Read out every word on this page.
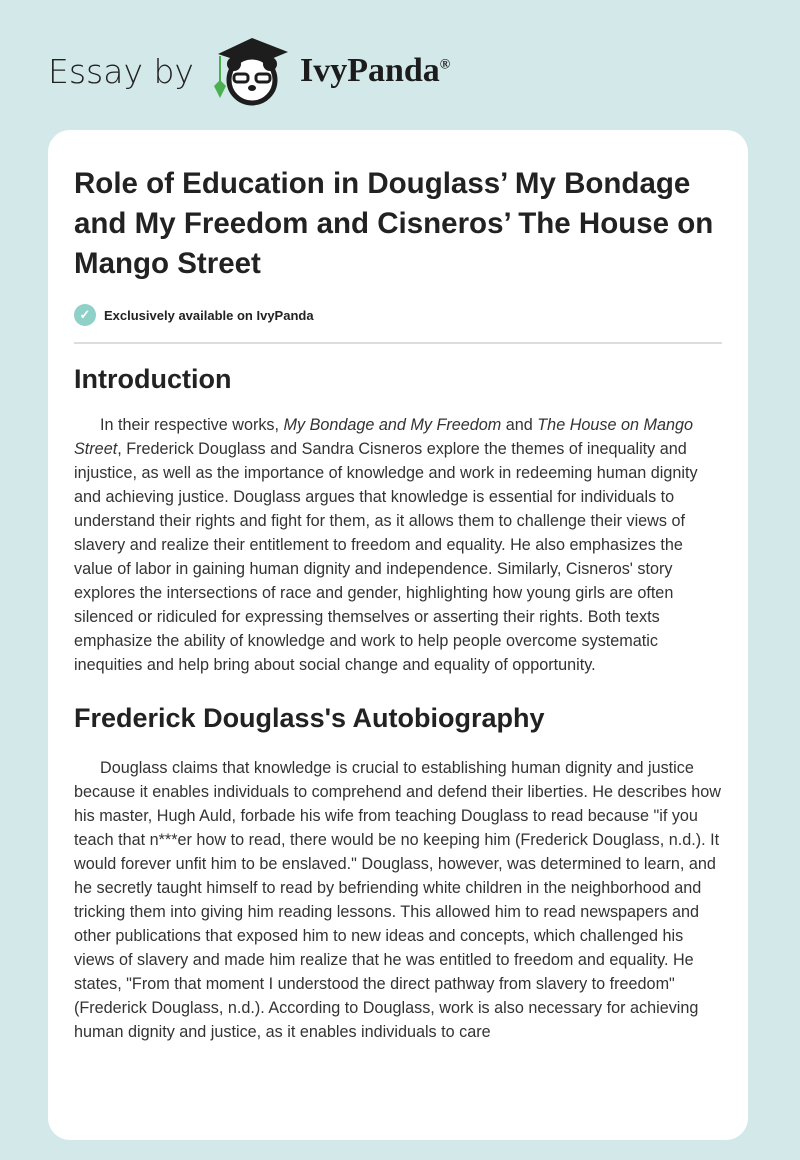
Essay by	IvyPanda®
Role of Education in Douglass’ My Bondage and My Freedom and Cisneros’ The House on Mango Street
✓	Exclusively available on IvyPanda
Introduction

In their respective works, My Bondage and My Freedom and The House on Mango Street, Frederick Douglass and Sandra Cisneros explore the themes of inequality and injustice, as well as the importance of knowledge and work in redeeming human dignity and achieving justice. Douglass argues that knowledge is essential for individuals to understand their rights and fight for them, as it allows them to challenge their views of slavery and realize their entitlement to freedom and equality. He also emphasizes the value of labor in gaining human dignity and independence. Similarly, Cisneros' story explores the intersections of race and gender, highlighting how young girls are often silenced or ridiculed for expressing themselves or asserting their rights. Both texts emphasize the ability of knowledge and work to help people overcome systematic inequities and help bring about social change and equality of opportunity.

Frederick Douglass's Autobiography

Douglass claims that knowledge is crucial to establishing human dignity and justice because it enables individuals to comprehend and defend their liberties. He describes how his master, Hugh Auld, forbade his wife from teaching Douglass to read because "if you teach that n***er how to read, there would be no keeping him (Frederick Douglass, n.d.). It would forever unfit him to be enslaved." Douglass, however, was determined to learn, and he secretly taught himself to read by befriending white children in the neighborhood and tricking them into giving him reading lessons. This allowed him to read newspapers and other publications that exposed him to new ideas and concepts, which challenged his views of slavery and made him realize that he was entitled to freedom and equality. He states, "From that moment I understood the direct pathway from slavery to freedom" (Frederick Douglass, n.d.). According to Douglass, work is also necessary for achieving human dignity and justice, as it enables individuals to care
